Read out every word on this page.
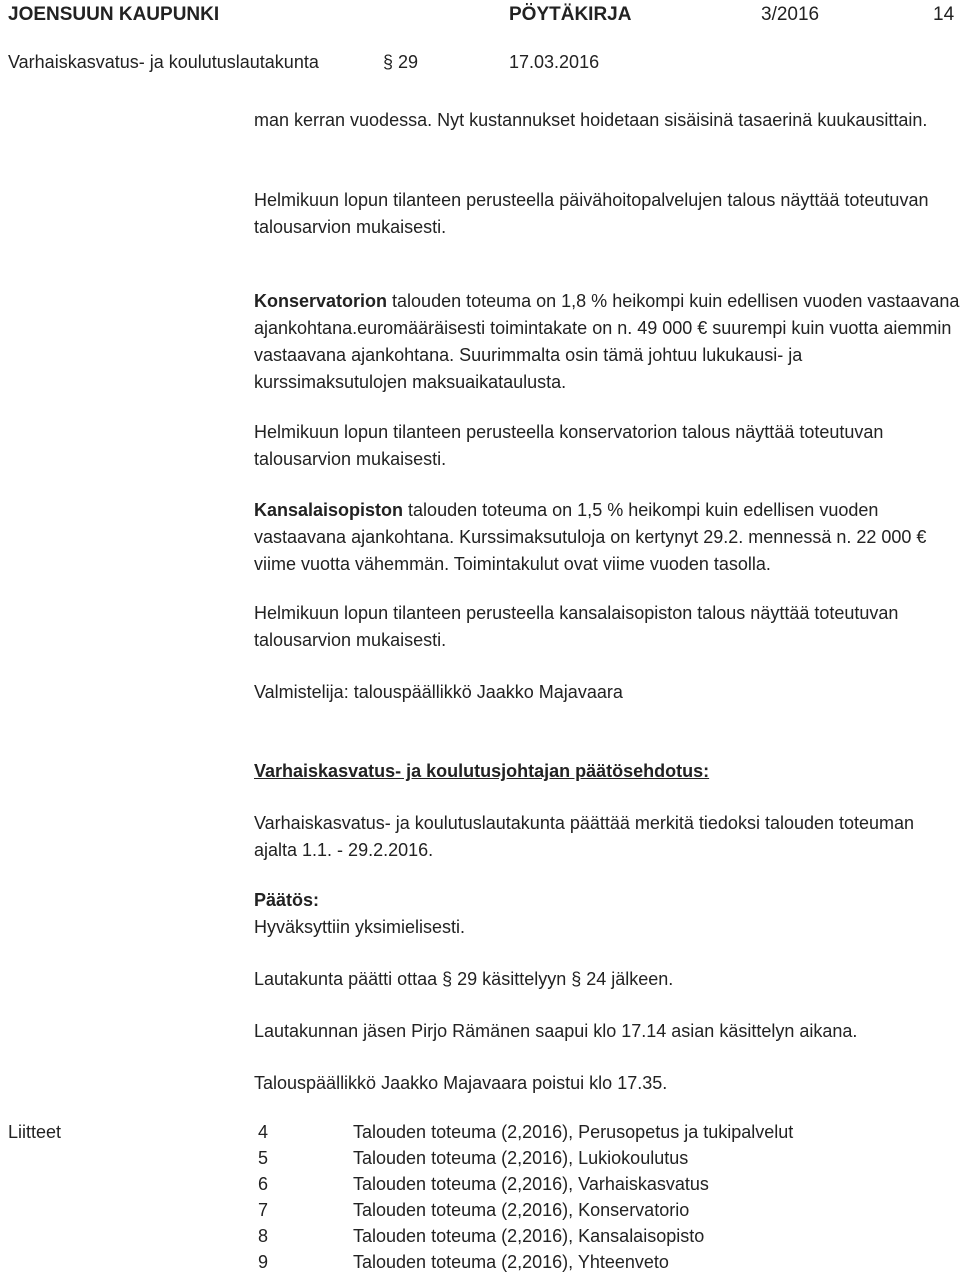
JOENSUUN KAUPUNKI	PÖYTÄKIRJA	3/2016	14
Varhaiskasvatus- ja koulutuslautakunta	§ 29	17.03.2016

man kerran vuodessa. Nyt kustannukset hoidetaan sisäisinä tasaerinä kuukausittain.

Helmikuun lopun tilanteen perusteella päivähoitopalvelujen talous näyttää toteutuvan talousarvion mukaisesti.

Konservatorion talouden toteuma on 1,8 % heikompi kuin edellisen vuoden vastaavana ajankohtana.euromääräisesti toimintakate on n. 49 000 € suurempi kuin vuotta aiemmin vastaavana ajankohtana. Suurimmalta osin tämä johtuu lukukausi- ja kurssimaksutulojen maksuaikataulusta.

Helmikuun lopun tilanteen perusteella konservatorion talous näyttää toteutuvan talousarvion mukaisesti.

Kansalaisopiston talouden toteuma on 1,5 % heikompi kuin edellisen vuoden vastaavana ajankohtana. Kurssimaksutuloja on kertynyt 29.2. mennessä n. 22 000 € viime vuotta vähemmän. Toimintakulut ovat viime vuoden tasolla.

Helmikuun lopun tilanteen perusteella kansalaisopiston talous näyttää toteutuvan talousarvion mukaisesti.

Valmistelija: talouspäällikkö Jaakko Majavaara

Varhaiskasvatus- ja koulutusjohtajan päätösehdotus:

Varhaiskasvatus- ja koulutuslautakunta päättää merkitä tiedoksi talouden toteuman ajalta 1.1. - 29.2.2016.

Päätös:

Hyväksyttiin yksimielisesti.

Lautakunta päätti ottaa § 29 käsittelyyn § 24 jälkeen.

Lautakunnan jäsen Pirjo Rämänen saapui klo 17.14 asian käsittelyn aikana.

Talouspäällikkö Jaakko Majavaara poistui klo 17.35.

Liitteet	4	Talouden toteuma (2,2016), Perusopetus ja tukipalvelut
5	Talouden toteuma (2,2016), Lukiokoulutus
6	Talouden toteuma (2,2016), Varhaiskasvatus
7	Talouden toteuma (2,2016), Konservatorio
8	Talouden toteuma (2,2016), Kansalaisopisto
9	Talouden toteuma (2,2016), Yhteenveto
